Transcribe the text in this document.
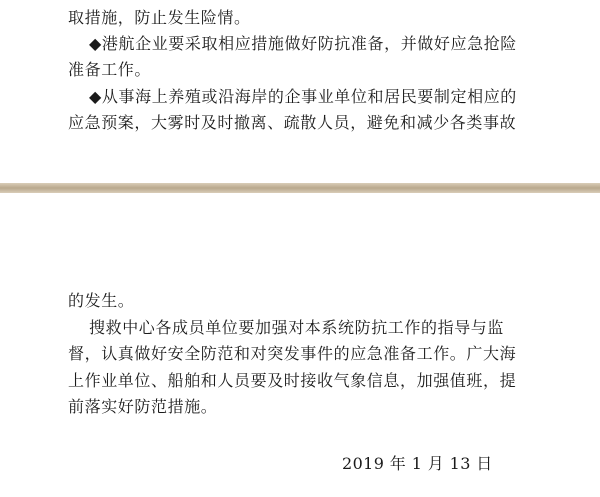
取措施，防止发生险情。
◆港航企业要采取相应措施做好防抗准备，并做好应急抢险
准备工作。
◆从事海上养殖或沿海岸的企事业单位和居民要制定相应的
应急预案，大雾时及时撤离、疏散人员，避免和减少各类事故
的发生。
搜救中心各成员单位要加强对本系统防抗工作的指导与监
督，认真做好安全防范和对突发事件的应急准备工作。广大海
上作业单位、船舶和人员要及时接收气象信息，加强值班，提
前落实好防范措施。
2019 年 1 月 13 日
